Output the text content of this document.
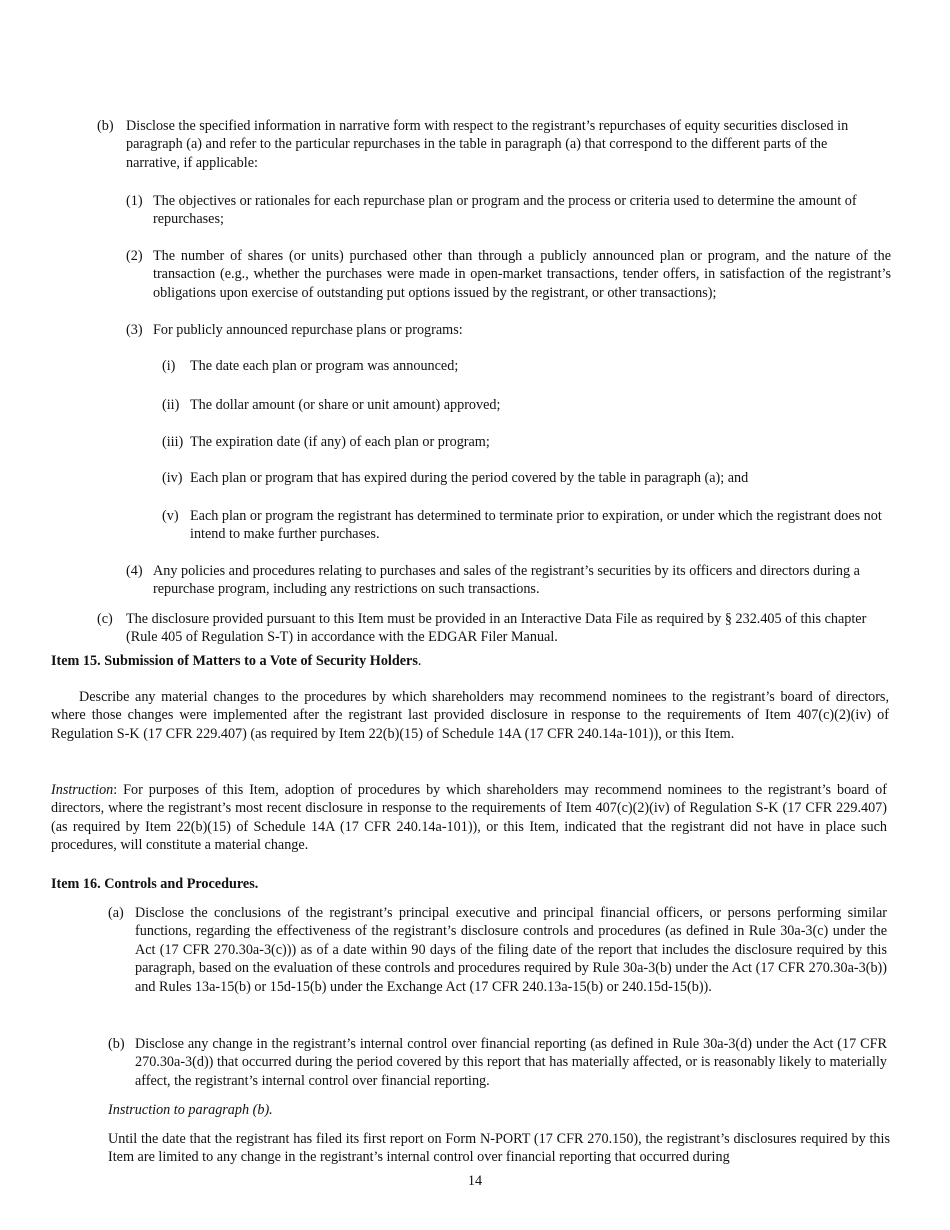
(b) Disclose the specified information in narrative form with respect to the registrant’s repurchases of equity securities disclosed in paragraph (a) and refer to the particular repurchases in the table in paragraph (a) that correspond to the different parts of the narrative, if applicable:

(1) The objectives or rationales for each repurchase plan or program and the process or criteria used to determine the amount of repurchases;

(2) The number of shares (or units) purchased other than through a publicly announced plan or program, and the nature of the transaction (e.g., whether the purchases were made in open-market transactions, tender offers, in satisfaction of the registrant’s obligations upon exercise of outstanding put options issued by the registrant, or other transactions);

(3) For publicly announced repurchase plans or programs:

(i) The date each plan or program was announced;

(ii) The dollar amount (or share or unit amount) approved;

(iii) The expiration date (if any) of each plan or program;

(iv) Each plan or program that has expired during the period covered by the table in paragraph (a); and

(v) Each plan or program the registrant has determined to terminate prior to expiration, or under which the registrant does not intend to make further purchases.

(4) Any policies and procedures relating to purchases and sales of the registrant’s securities by its officers and directors during a repurchase program, including any restrictions on such transactions.

(c) The disclosure provided pursuant to this Item must be provided in an Interactive Data File as required by § 232.405 of this chapter (Rule 405 of Regulation S-T) in accordance with the EDGAR Filer Manual.

Item 15. Submission of Matters to a Vote of Security Holders.

Describe any material changes to the procedures by which shareholders may recommend nominees to the registrant’s board of directors, where those changes were implemented after the registrant last provided disclosure in response to the requirements of Item 407(c)(2)(iv) of Regulation S-K (17 CFR 229.407) (as required by Item 22(b)(15) of Schedule 14A (17 CFR 240.14a-101)), or this Item.

Instruction: For purposes of this Item, adoption of procedures by which shareholders may recommend nominees to the registrant’s board of directors, where the registrant’s most recent disclosure in response to the requirements of Item 407(c)(2)(iv) of Regulation S-K (17 CFR 229.407) (as required by Item 22(b)(15) of Schedule 14A (17 CFR 240.14a-101)), or this Item, indicated that the registrant did not have in place such procedures, will constitute a material change.

Item 16. Controls and Procedures.

(a) Disclose the conclusions of the registrant’s principal executive and principal financial officers, or persons performing similar functions, regarding the effectiveness of the registrant’s disclosure controls and procedures (as defined in Rule 30a-3(c) under the Act (17 CFR 270.30a-3(c))) as of a date within 90 days of the filing date of the report that includes the disclosure required by this paragraph, based on the evaluation of these controls and procedures required by Rule 30a-3(b) under the Act (17 CFR 270.30a-3(b)) and Rules 13a-15(b) or 15d-15(b) under the Exchange Act (17 CFR 240.13a-15(b) or 240.15d-15(b)).

(b) Disclose any change in the registrant’s internal control over financial reporting (as defined in Rule 30a-3(d) under the Act (17 CFR 270.30a-3(d)) that occurred during the period covered by this report that has materially affected, or is reasonably likely to materially affect, the registrant’s internal control over financial reporting.

Instruction to paragraph (b).

Until the date that the registrant has filed its first report on Form N-PORT (17 CFR 270.150), the registrant’s disclosures required by this Item are limited to any change in the registrant’s internal control over financial reporting that occurred during

14
